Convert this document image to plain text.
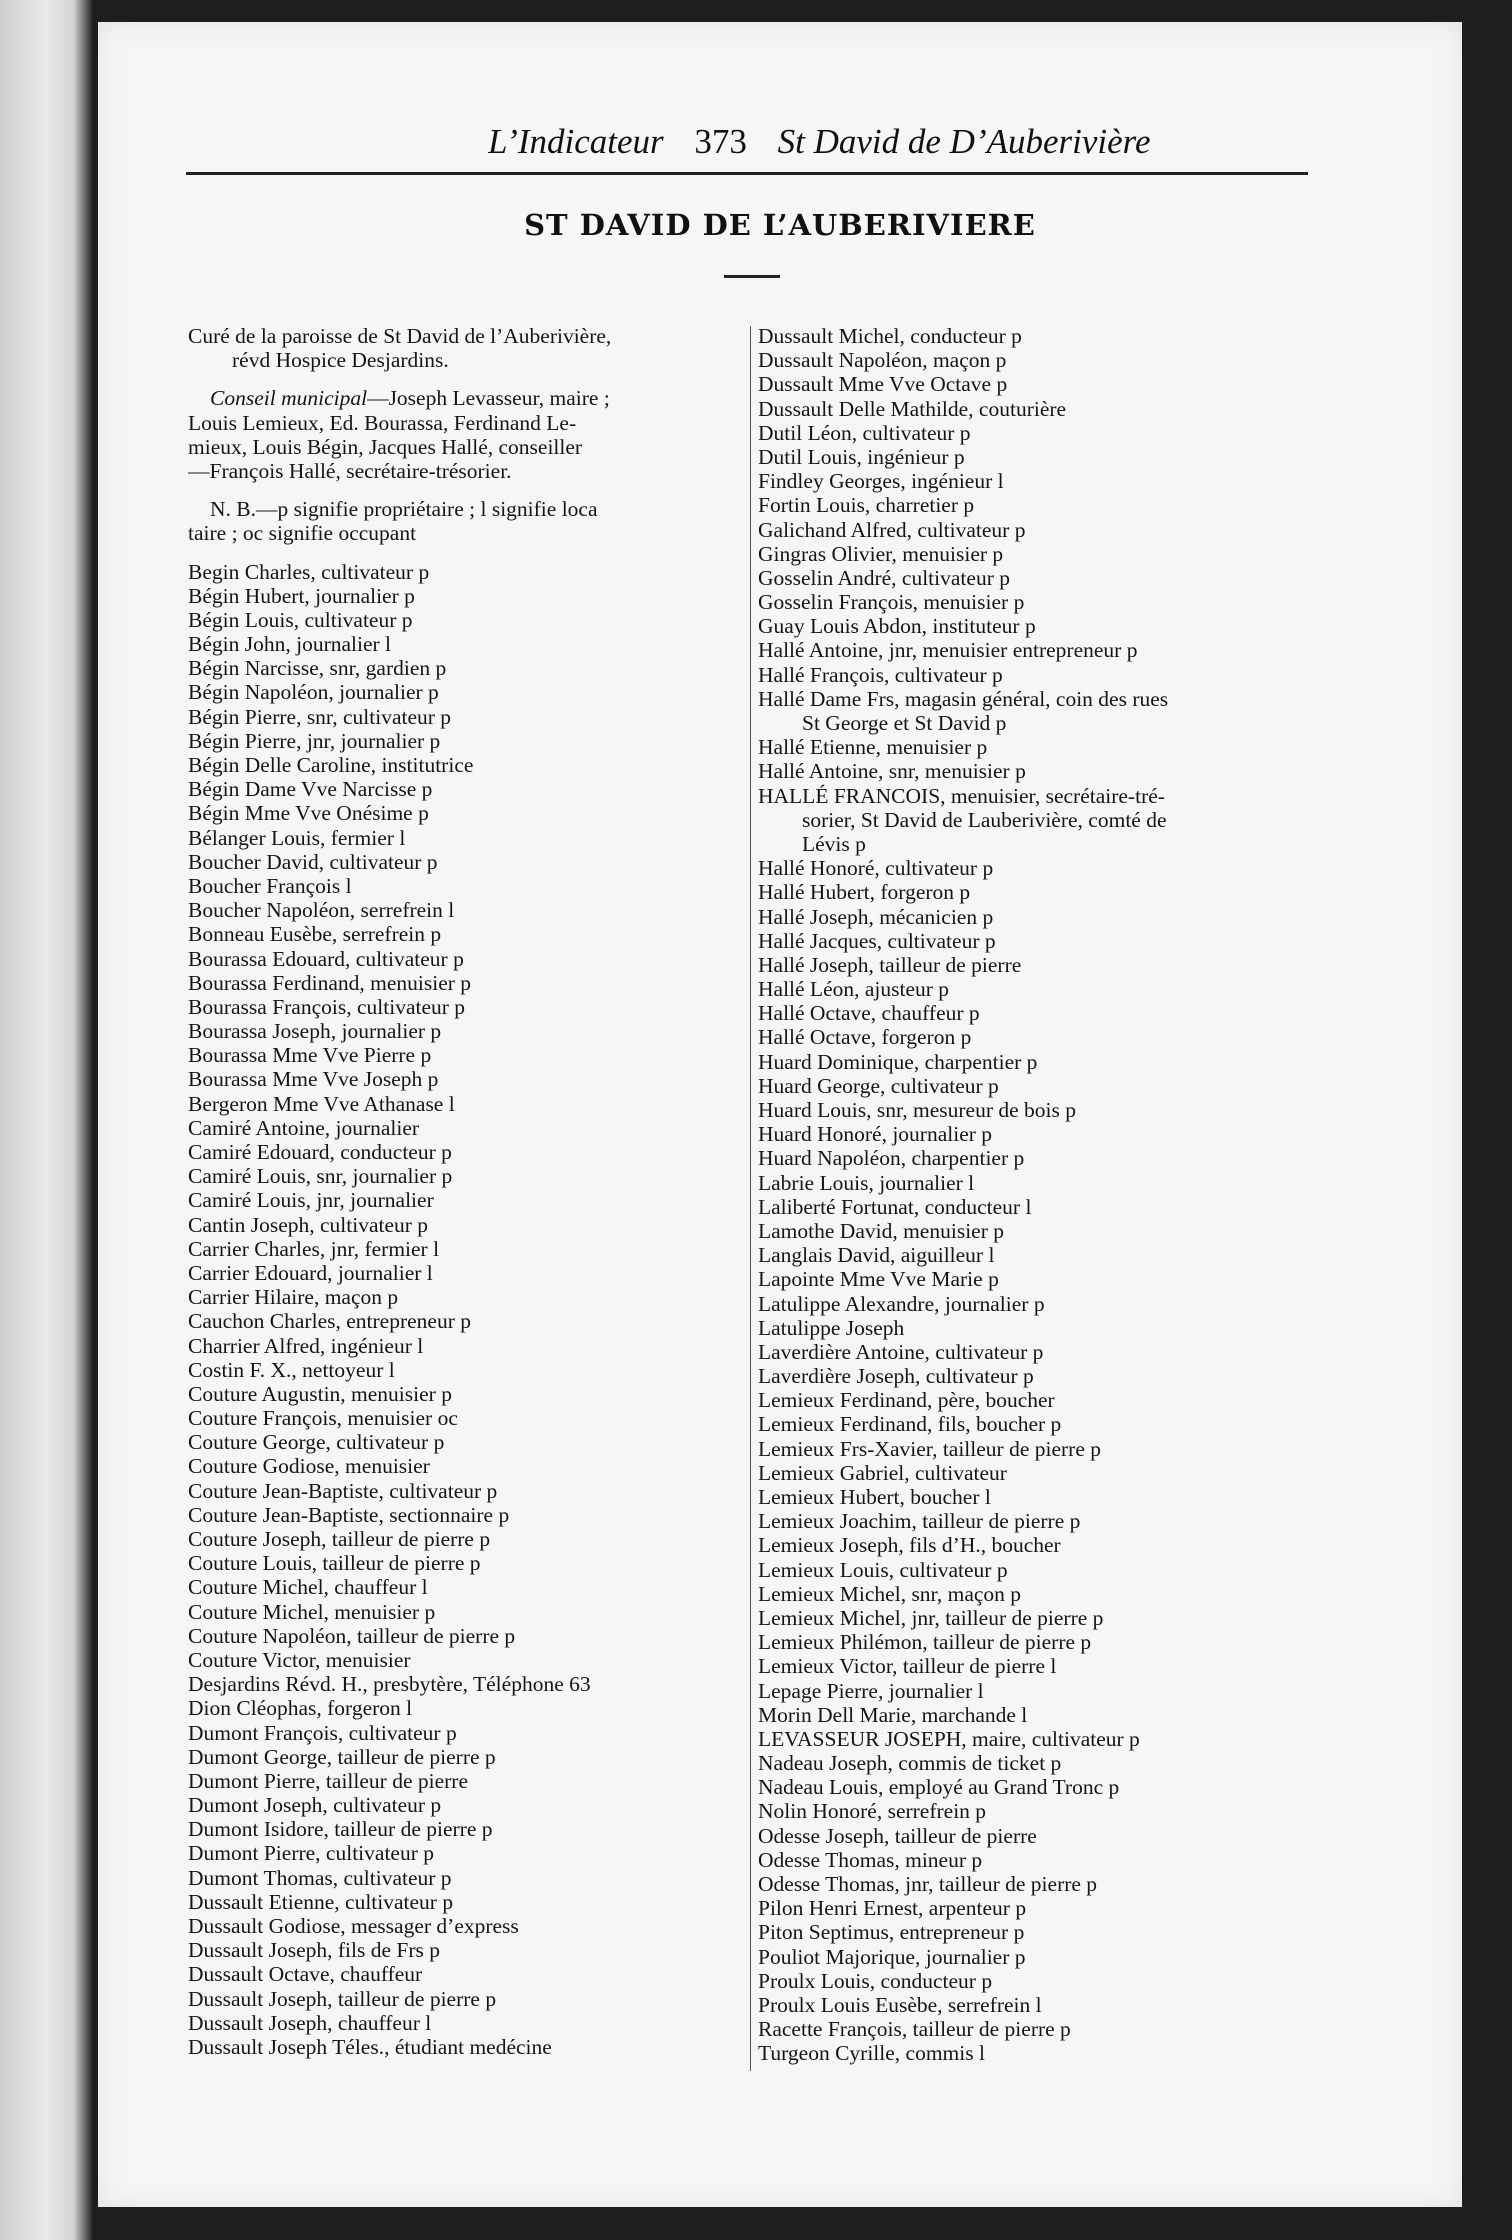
L’Indicateur 373 St David de D’Auberivière
ST DAVID DE L’AUBERIVIERE
Curé de la paroisse de St David de l’Auberivière,
révd Hospice Desjardins.
Conseil municipal—Joseph Levasseur, maire ;
Louis Lemieux, Ed. Bourassa, Ferdinand Le-
mieux, Louis Bégin, Jacques Hallé, conseiller
—François Hallé, secrétaire-trésorier.
N. B.—p signifie propriétaire ; l signifie loca
taire ; oc signifie occupant
Begin Charles, cultivateur p
Bégin Hubert, journalier p
Bégin Louis, cultivateur p
Bégin John, journalier l
Bégin Narcisse, snr, gardien p
Bégin Napoléon, journalier p
Bégin Pierre, snr, cultivateur p
Bégin Pierre, jnr, journalier p
Bégin Delle Caroline, institutrice
Bégin Dame Vve Narcisse p
Bégin Mme Vve Onésime p
Bélanger Louis, fermier l
Boucher David, cultivateur p
Boucher François l
Boucher Napoléon, serrefrein l
Bonneau Eusèbe, serrefrein p
Bourassa Edouard, cultivateur p
Bourassa Ferdinand, menuisier p
Bourassa François, cultivateur p
Bourassa Joseph, journalier p
Bourassa Mme Vve Pierre p
Bourassa Mme Vve Joseph p
Bergeron Mme Vve Athanase l
Camiré Antoine, journalier
Camiré Edouard, conducteur p
Camiré Louis, snr, journalier p
Camiré Louis, jnr, journalier
Cantin Joseph, cultivateur p
Carrier Charles, jnr, fermier l
Carrier Edouard, journalier l
Carrier Hilaire, maçon p
Cauchon Charles, entrepreneur p
Charrier Alfred, ingénieur l
Costin F. X., nettoyeur l
Couture Augustin, menuisier p
Couture François, menuisier oc
Couture George, cultivateur p
Couture Godiose, menuisier
Couture Jean-Baptiste, cultivateur p
Couture Jean-Baptiste, sectionnaire p
Couture Joseph, tailleur de pierre p
Couture Louis, tailleur de pierre p
Couture Michel, chauffeur l
Couture Michel, menuisier p
Couture Napoléon, tailleur de pierre p
Couture Victor, menuisier
Desjardins Révd. H., presbytère, Téléphone 63
Dion Cléophas, forgeron l
Dumont François, cultivateur p
Dumont George, tailleur de pierre p
Dumont Pierre, tailleur de pierre
Dumont Joseph, cultivateur p
Dumont Isidore, tailleur de pierre p
Dumont Pierre, cultivateur p
Dumont Thomas, cultivateur p
Dussault Etienne, cultivateur p
Dussault Godiose, messager d’express
Dussault Joseph, fils de Frs p
Dussault Octave, chauffeur
Dussault Joseph, tailleur de pierre p
Dussault Joseph, chauffeur l
Dussault Joseph Téles., étudiant medécine
Dussault Michel, conducteur p
Dussault Napoléon, maçon p
Dussault Mme Vve Octave p
Dussault Delle Mathilde, couturière
Dutil Léon, cultivateur p
Dutil Louis, ingénieur p
Findley Georges, ingénieur l
Fortin Louis, charretier p
Galichand Alfred, cultivateur p
Gingras Olivier, menuisier p
Gosselin André, cultivateur p
Gosselin François, menuisier p
Guay Louis Abdon, instituteur p
Hallé Antoine, jnr, menuisier entrepreneur p
Hallé François, cultivateur p
Hallé Dame Frs, magasin général, coin des rues
St George et St David p
Hallé Etienne, menuisier p
Hallé Antoine, snr, menuisier p
HALLÉ FRANCOIS, menuisier, secrétaire-tré-
sorier, St David de Lauberivière, comté de
Lévis p
Hallé Honoré, cultivateur p
Hallé Hubert, forgeron p
Hallé Joseph, mécanicien p
Hallé Jacques, cultivateur p
Hallé Joseph, tailleur de pierre
Hallé Léon, ajusteur p
Hallé Octave, chauffeur p
Hallé Octave, forgeron p
Huard Dominique, charpentier p
Huard George, cultivateur p
Huard Louis, snr, mesureur de bois p
Huard Honoré, journalier p
Huard Napoléon, charpentier p
Labrie Louis, journalier l
Laliberté Fortunat, conducteur l
Lamothe David, menuisier p
Langlais David, aiguilleur l
Lapointe Mme Vve Marie p
Latulippe Alexandre, journalier p
Latulippe Joseph
Laverdière Antoine, cultivateur p
Laverdière Joseph, cultivateur p
Lemieux Ferdinand, père, boucher
Lemieux Ferdinand, fils, boucher p
Lemieux Frs-Xavier, tailleur de pierre p
Lemieux Gabriel, cultivateur
Lemieux Hubert, boucher l
Lemieux Joachim, tailleur de pierre p
Lemieux Joseph, fils d’H., boucher
Lemieux Louis, cultivateur p
Lemieux Michel, snr, maçon p
Lemieux Michel, jnr, tailleur de pierre p
Lemieux Philémon, tailleur de pierre p
Lemieux Victor, tailleur de pierre l
Lepage Pierre, journalier l
Morin Dell Marie, marchande l
LEVASSEUR JOSEPH, maire, cultivateur p
Nadeau Joseph, commis de ticket p
Nadeau Louis, employé au Grand Tronc p
Nolin Honoré, serrefrein p
Odesse Joseph, tailleur de pierre
Odesse Thomas, mineur p
Odesse Thomas, jnr, tailleur de pierre p
Pilon Henri Ernest, arpenteur p
Piton Septimus, entrepreneur p
Pouliot Majorique, journalier p
Proulx Louis, conducteur p
Proulx Louis Eusèbe, serrefrein l
Racette François, tailleur de pierre p
Turgeon Cyrille, commis l
